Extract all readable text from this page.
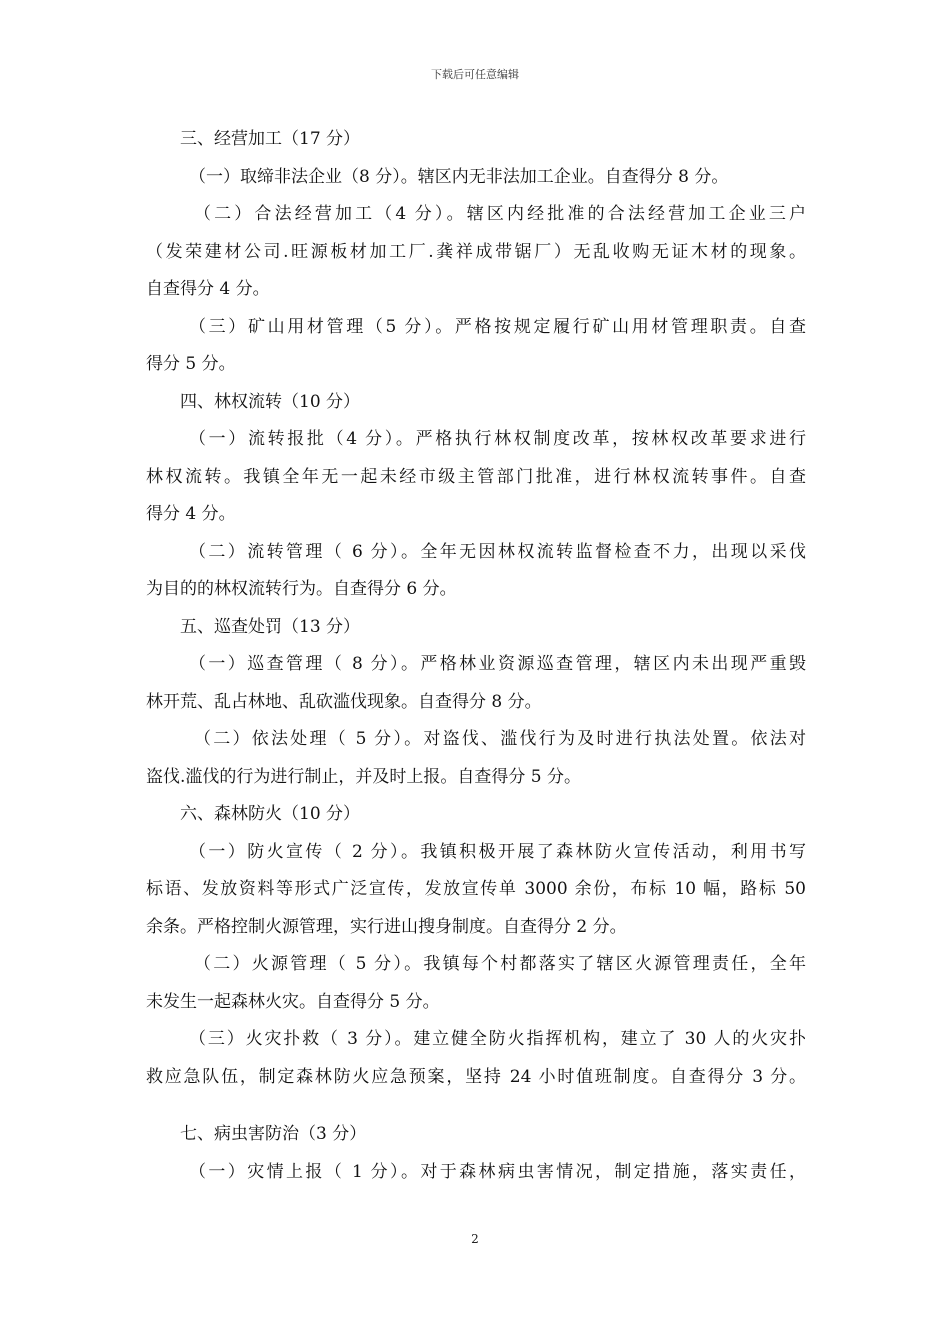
下载后可任意编辑
三、经营加工（17 分）
（一）取缔非法企业（8 分）。辖区内无非法加工企业。自查得分 8 分。
（二）合法经营加工（4 分）。辖区内经批准的合法经营加工企业三户
（发荣建材公司.旺源板材加工厂.龚祥成带锯厂）无乱收购无证木材的现象。
自查得分 4 分。
（三）矿山用材管理（5 分）。严格按规定履行矿山用材管理职责。自查
得分 5 分。
四、林权流转（10 分）
（一）流转报批（4 分）。严格执行林权制度改革，按林权改革要求进行
林权流转。我镇全年无一起未经市级主管部门批准，进行林权流转事件。自查
得分 4 分。
（二）流转管理（ 6 分）。全年无因林权流转监督检查不力，出现以采伐
为目的的林权流转行为。自查得分 6 分。
五、巡查处罚（13 分）
（一）巡查管理（ 8 分）。严格林业资源巡查管理，辖区内未出现严重毁
林开荒、乱占林地、乱砍滥伐现象。自查得分 8 分。
（二）依法处理（ 5 分）。对盗伐、滥伐行为及时进行执法处置。依法对
盗伐.滥伐的行为进行制止，并及时上报。自查得分 5 分。
六、森林防火（10 分）
（一）防火宣传（ 2 分）。我镇积极开展了森林防火宣传活动，利用书写
标语、发放资料等形式广泛宣传，发放宣传单 3000 余份，布标 10 幅，路标 50
余条。严格控制火源管理，实行进山搜身制度。自查得分 2 分。
（二）火源管理（ 5 分）。我镇每个村都落实了辖区火源管理责任，全年
未发生一起森林火灾。自查得分 5 分。
（三）火灾扑救（ 3 分）。建立健全防火指挥机构，建立了 30 人的火灾扑
救应急队伍，制定森林防火应急预案，坚持 24 小时值班制度。自查得分 3 分。
七、病虫害防治（3 分）
（一）灾情上报（ 1 分）。对于森林病虫害情况，制定措施，落实责任，
2
